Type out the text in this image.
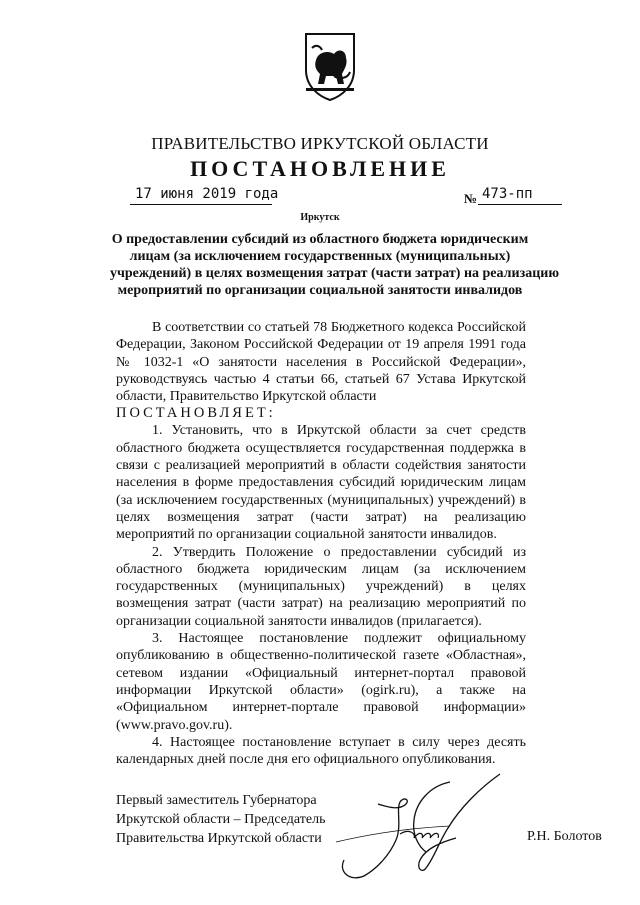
ПРАВИТЕЛЬСТВО ИРКУТСКОЙ ОБЛАСТИ
ПОСТАНОВЛЕНИЕ
17 июня 2019 года	№ 473-пп
Иркутск
О предоставлении субсидий из областного бюджета юридическим
лицам (за исключением государственных (муниципальных)
учреждений) в целях возмещения затрат (части затрат) на реализацию
мероприятий по организации социальной занятости инвалидов

В соответствии со статьей 78 Бюджетного кодекса Российской Федерации, Законом Российской Федерации от 19 апреля 1991 года № 1032-1 «О занятости населения в Российской Федерации», руководствуясь частью 4 статьи 66, статьей 67 Устава Иркутской области, Правительство Иркутской области

ПОСТАНОВЛЯЕТ:

1. Установить, что в Иркутской области за счет средств областного бюджета осуществляется государственная поддержка в связи с реализацией мероприятий в области содействия занятости населения в форме предоставления субсидий юридическим лицам (за исключением государственных (муниципальных) учреждений) в целях возмещения затрат (части затрат) на реализацию мероприятий по организации социальной занятости инвалидов.

2. Утвердить Положение о предоставлении субсидий из областного бюджета юридическим лицам (за исключением государственных (муниципальных) учреждений) в целях возмещения затрат (части затрат) на реализацию мероприятий по организации социальной занятости инвалидов (прилагается).

3. Настоящее постановление подлежит официальному опубликованию в общественно-политической газете «Областная», сетевом издании «Официальный интернет-портал правовой информации Иркутской области» (ogirk.ru), а также на «Официальном интернет-портале правовой информации» (www.pravo.gov.ru).

4. Настоящее постановление вступает в силу через десять календарных дней после дня его официального опубликования.

Первый заместитель Губернатора
Иркутской области – Председатель
Правительства Иркутской области	Р.Н. Болотов
